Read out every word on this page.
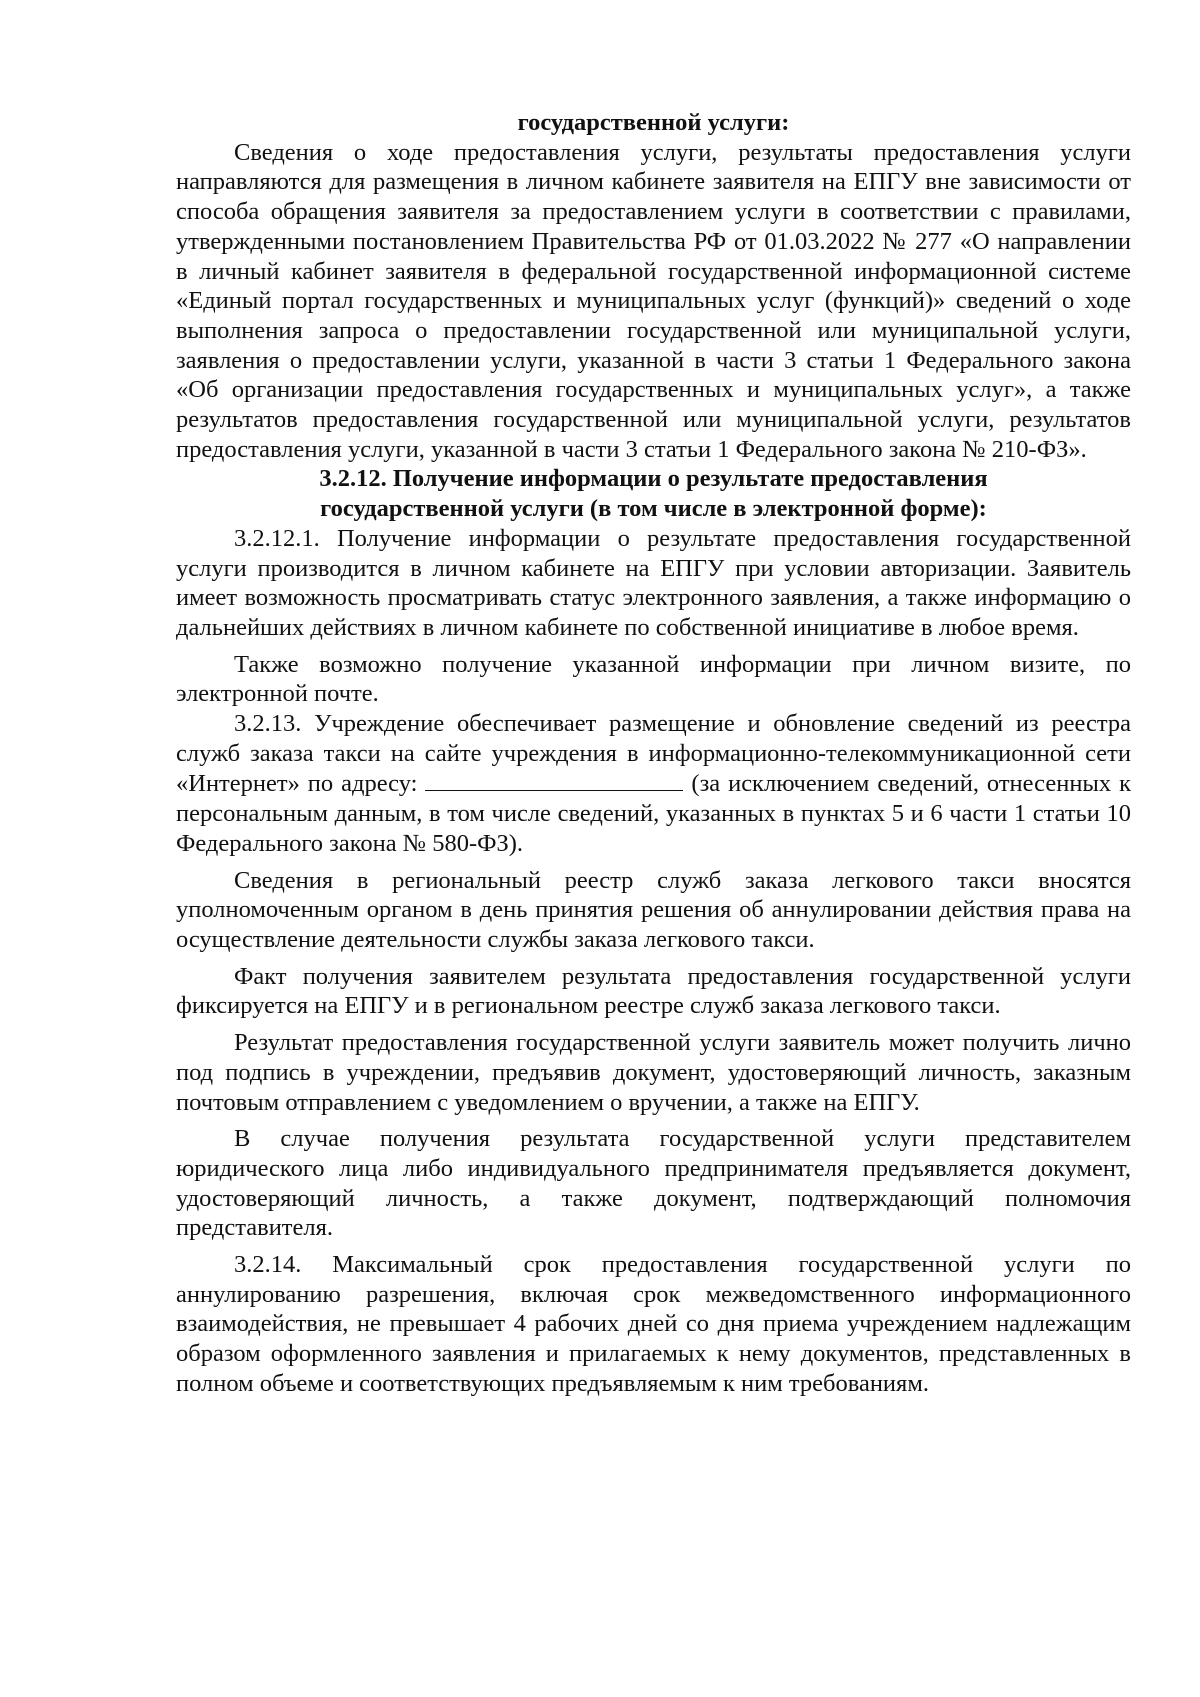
государственной услуги:

Сведения о ходе предоставления услуги, результаты предоставления услуги направляются для размещения в личном кабинете заявителя на ЕПГУ вне зависимости от способа обращения заявителя за предоставлением услуги в соответствии с правилами, утвержденными постановлением Правительства РФ от 01.03.2022 № 277 «О направлении в личный кабинет заявителя в федеральной государственной информационной системе «Единый портал государственных и муниципальных услуг (функций)» сведений о ходе выполнения запроса о предоставлении государственной или муниципальной услуги, заявления о предоставлении услуги, указанной в части 3 статьи 1 Федерального закона «Об организации предоставления государственных и муниципальных услуг», а также результатов предоставления государственной или муниципальной услуги, результатов предоставления услуги, указанной в части 3 статьи 1 Федерального закона № 210-ФЗ».

3.2.12. Получение информации о результате предоставления

государственной услуги (в том числе в электронной форме):

3.2.12.1. Получение информации о результате предоставления государственной услуги производится в личном кабинете на ЕПГУ при условии авторизации. Заявитель имеет возможность просматривать статус электронного заявления, а также информацию о дальнейших действиях в личном кабинете по собственной инициативе в любое время.

Также возможно получение указанной информации при личном визите, по электронной почте.

3.2.13. Учреждение обеспечивает размещение и обновление сведений из реестра служб заказа такси на сайте учреждения в информационно-телекоммуникационной сети «Интернет» по адресу:	(за исключением сведений, отнесенных к персональным данным, в том числе сведений, указанных в пунктах 5 и 6 части 1 статьи 10 Федерального закона № 580-ФЗ).

Сведения в региональный реестр служб заказа легкового такси вносятся уполномоченным органом в день принятия решения об аннулировании действия права на осуществление деятельности службы заказа легкового такси.

Факт получения заявителем результата предоставления государственной услуги фиксируется на ЕПГУ и в региональном реестре служб заказа легкового такси.

Результат предоставления государственной услуги заявитель может получить лично под подпись в учреждении, предъявив документ, удостоверяющий личность, заказным почтовым отправлением с уведомлением о вручении, а также на ЕПГУ.

В случае получения результата государственной услуги представителем юридического лица либо индивидуального предпринимателя предъявляется документ, удостоверяющий личность, а также документ, подтверждающий полномочия представителя.

3.2.14. Максимальный срок предоставления государственной услуги по аннулированию разрешения, включая срок межведомственного информационного взаимодействия, не превышает 4 рабочих дней со дня приема учреждением надлежащим образом оформленного заявления и прилагаемых к нему документов, представленных в полном объеме и соответствующих предъявляемым к ним требованиям.
